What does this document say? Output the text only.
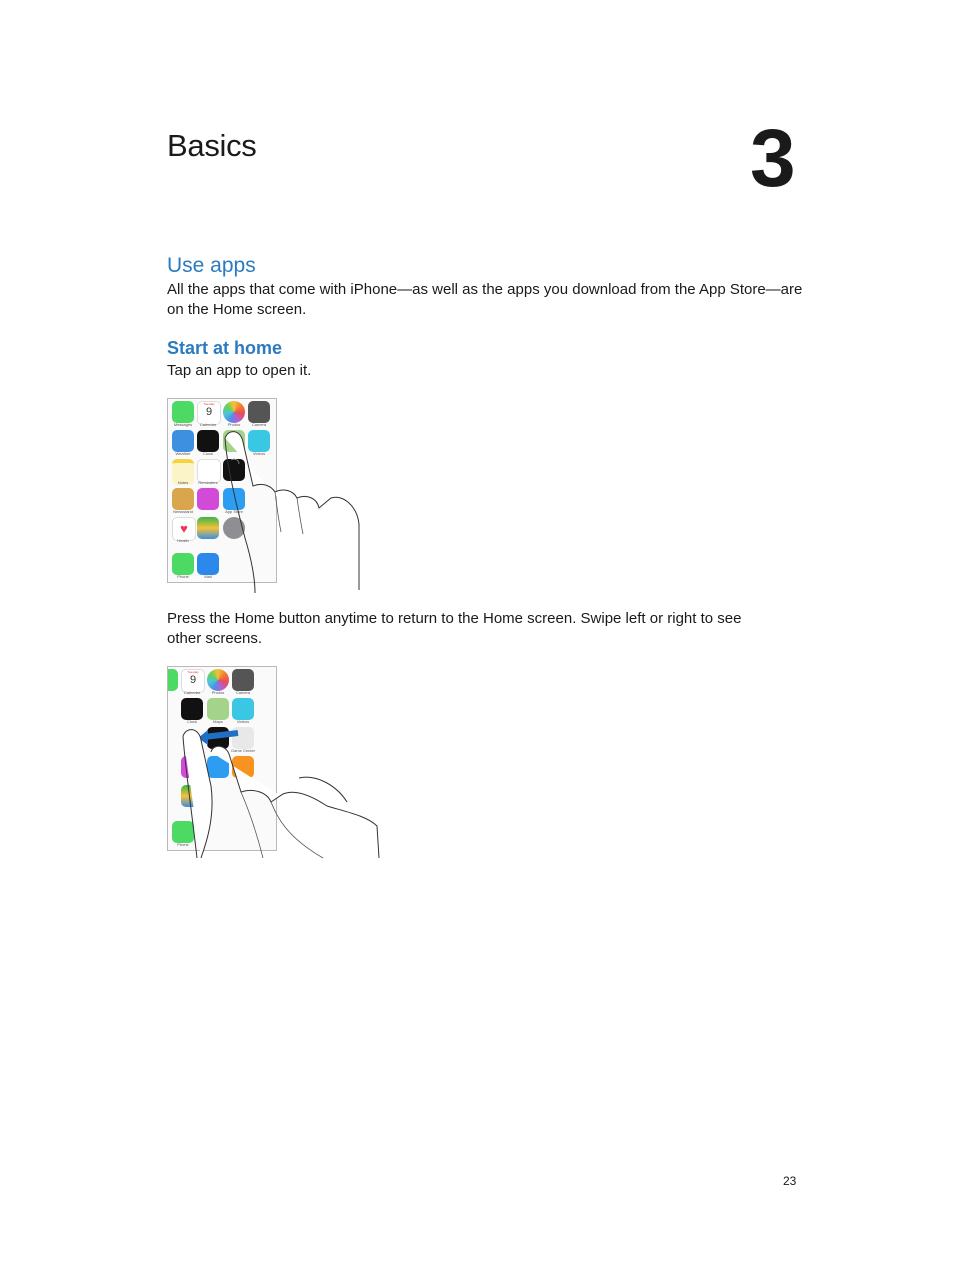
Basics	3
Use apps
All the apps that come with iPhone—as well as the apps you download from the App Store—are on the Home screen.
Start at home
Tap an app to open it.
Messages
Tuesday
9
Calendar	Photos	Camera
Weather	Clock	Videos
Notes	Reminders
Newsstand	App Store
♥
Health
Phone	Mail
Press the Home button anytime to return to the Home screen. Swipe left or right to see other screens.
Tuesday
9
Calendar	Photos	Camera
Clock	Maps	Videos
Game Center
Phone
23
